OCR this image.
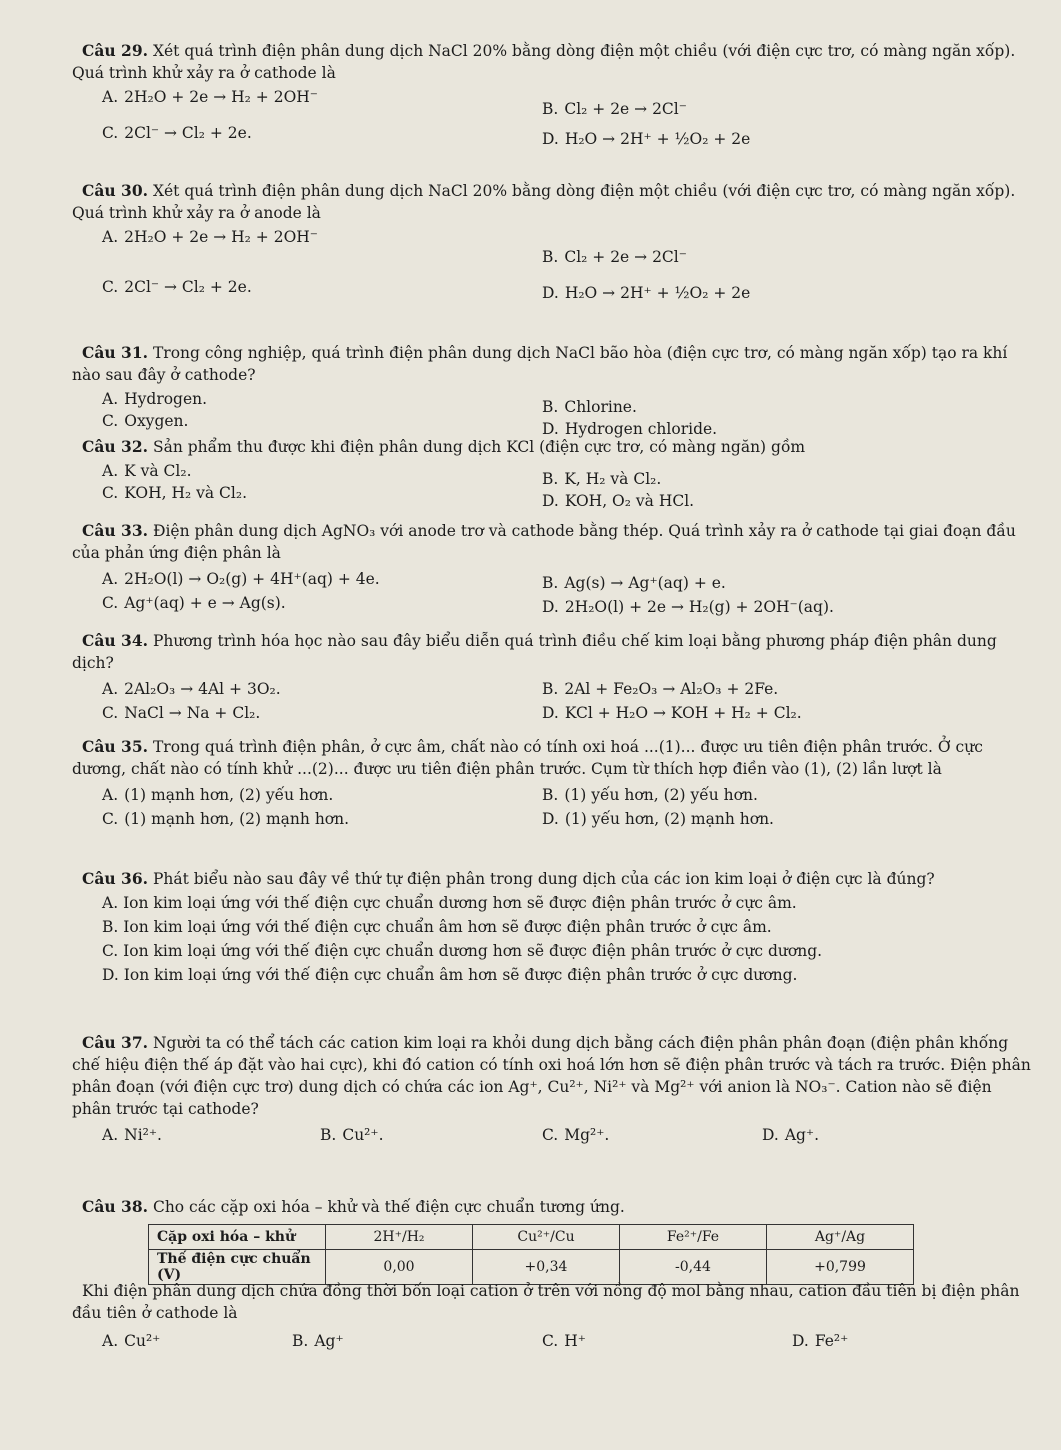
Câu 29. Xét quá trình điện phân dung dịch NaCl 20% bằng dòng điện một chiều (với điện cực trơ, có màng ngăn xốp). Quá trình khử xảy ra ở cathode là

A. 2H₂O + 2e → H₂ + 2OH⁻
B. Cl₂ + 2e → 2Cl⁻
C. 2Cl⁻ → Cl₂ + 2e.	D. H₂O → 2H⁺ + ½O₂ + 2e

Câu 30. Xét quá trình điện phân dung dịch NaCl 20% bằng dòng điện một chiều (với điện cực trơ, có màng ngăn xốp). Quá trình khử xảy ra ở anode là

A. 2H₂O + 2e → H₂ + 2OH⁻
B. Cl₂ + 2e → 2Cl⁻
C. 2Cl⁻ → Cl₂ + 2e.	D. H₂O → 2H⁺ + ½O₂ + 2e

Câu 31. Trong công nghiệp, quá trình điện phân dung dịch NaCl bão hòa (điện cực trơ, có màng ngăn xốp) tạo ra khí nào sau đây ở cathode?

A. Hydrogen.	B. Chlorine.
C. Oxygen.	D. Hydrogen chloride.

Câu 32. Sản phẩm thu được khi điện phân dung dịch KCl (điện cực trơ, có màng ngăn) gồm

A. K và Cl₂.	B. K, H₂ và Cl₂.
C. KOH, H₂ và Cl₂.	D. KOH, O₂ và HCl.

Câu 33. Điện phân dung dịch AgNO₃ với anode trơ và cathode bằng thép. Quá trình xảy ra ở cathode tại giai đoạn đầu của phản ứng điện phân là

A. 2H₂O(l) → O₂(g) + 4H⁺(aq) + 4e.	B. Ag(s) → Ag⁺(aq) + e.
C. Ag⁺(aq) + e → Ag(s).	D. 2H₂O(l) + 2e → H₂(g) + 2OH⁻(aq).

Câu 34. Phương trình hóa học nào sau đây biểu diễn quá trình điều chế kim loại bằng phương pháp điện phân dung dịch?

A. 2Al₂O₃ → 4Al + 3O₂.	B. 2Al + Fe₂O₃ → Al₂O₃ + 2Fe.
C. NaCl → Na + Cl₂.	D. KCl + H₂O → KOH + H₂ + Cl₂.

Câu 35. Trong quá trình điện phân, ở cực âm, chất nào có tính oxi hoá ...(1)... được ưu tiên điện phân trước. Ở cực dương, chất nào có tính khử ...(2)... được ưu tiên điện phân trước. Cụm từ thích hợp điền vào (1), (2) lần lượt là

A. (1) mạnh hơn, (2) yếu hơn.	B. (1) yếu hơn, (2) yếu hơn.
C. (1) mạnh hơn, (2) mạnh hơn.	D. (1) yếu hơn, (2) mạnh hơn.

Câu 36. Phát biểu nào sau đây về thứ tự điện phân trong dung dịch của các ion kim loại ở điện cực là đúng?

A. Ion kim loại ứng với thế điện cực chuẩn dương hơn sẽ được điện phân trước ở cực âm.
B. Ion kim loại ứng với thế điện cực chuẩn âm hơn sẽ được điện phân trước ở cực âm.
C. Ion kim loại ứng với thế điện cực chuẩn dương hơn sẽ được điện phân trước ở cực dương.
D. Ion kim loại ứng với thế điện cực chuẩn âm hơn sẽ được điện phân trước ở cực dương.

Câu 37. Người ta có thể tách các cation kim loại ra khỏi dung dịch bằng cách điện phân phân đoạn (điện phân khống chế hiệu điện thế áp đặt vào hai cực), khi đó cation có tính oxi hoá lớn hơn sẽ điện phân trước và tách ra trước. Điện phân phân đoạn (với điện cực trơ) dung dịch có chứa các ion Ag⁺, Cu²⁺, Ni²⁺ và Mg²⁺ với anion là NO₃⁻. Cation nào sẽ điện phân trước tại cathode?

A. Ni²⁺.	B. Cu²⁺.	C. Mg²⁺.	D. Ag⁺.

Câu 38. Cho các cặp oxi hóa – khử và thế điện cực chuẩn tương ứng.

Cặp oxi hóa – khử	2H⁺/H₂	Cu²⁺/Cu	Fe²⁺/Fe	Ag⁺/Ag
Thế điện cực chuẩn (V)	0,00	+0,34	-0,44	+0,799

Khi điện phân dung dịch chứa đồng thời bốn loại cation ở trên với nồng độ mol bằng nhau, cation đầu tiên bị điện phân đầu tiên ở cathode là

A. Cu²⁺	B. Ag⁺	C. H⁺	D. Fe²⁺
